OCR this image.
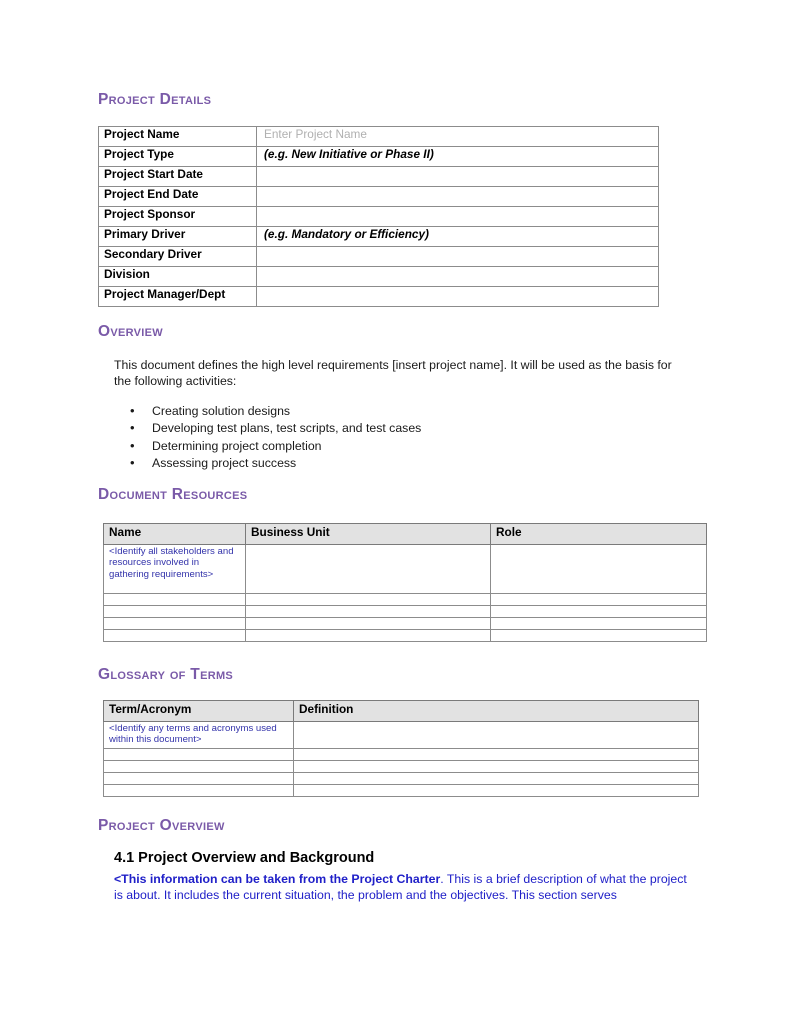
Project Details
Project Name	Enter Project Name
Project Type	(e.g. New Initiative or Phase II)
Project Start Date	
Project End Date	
Project Sponsor	
Primary Driver	(e.g. Mandatory or Efficiency)
Secondary Driver	
Division	
Project Manager/Dept	
Overview
This document defines the high level requirements [insert project name]. It will be used as the basis for the following activities:
• Creating solution designs
• Developing test plans, test scripts, and test cases
• Determining project completion
• Assessing project success
Document Resources
Name	Business Unit	Role

<Identify all stakeholders and resources involved in gathering requirements>		

Glossary of Terms
Term/Acronym	Definition

<Identify any terms and acronyms used within this document>	

Project Overview
4.1 Project Overview and Background
<This information can be taken from the Project Charter. This is a brief description of what the project is about. It includes the current situation, the problem and the objectives. This section serves
